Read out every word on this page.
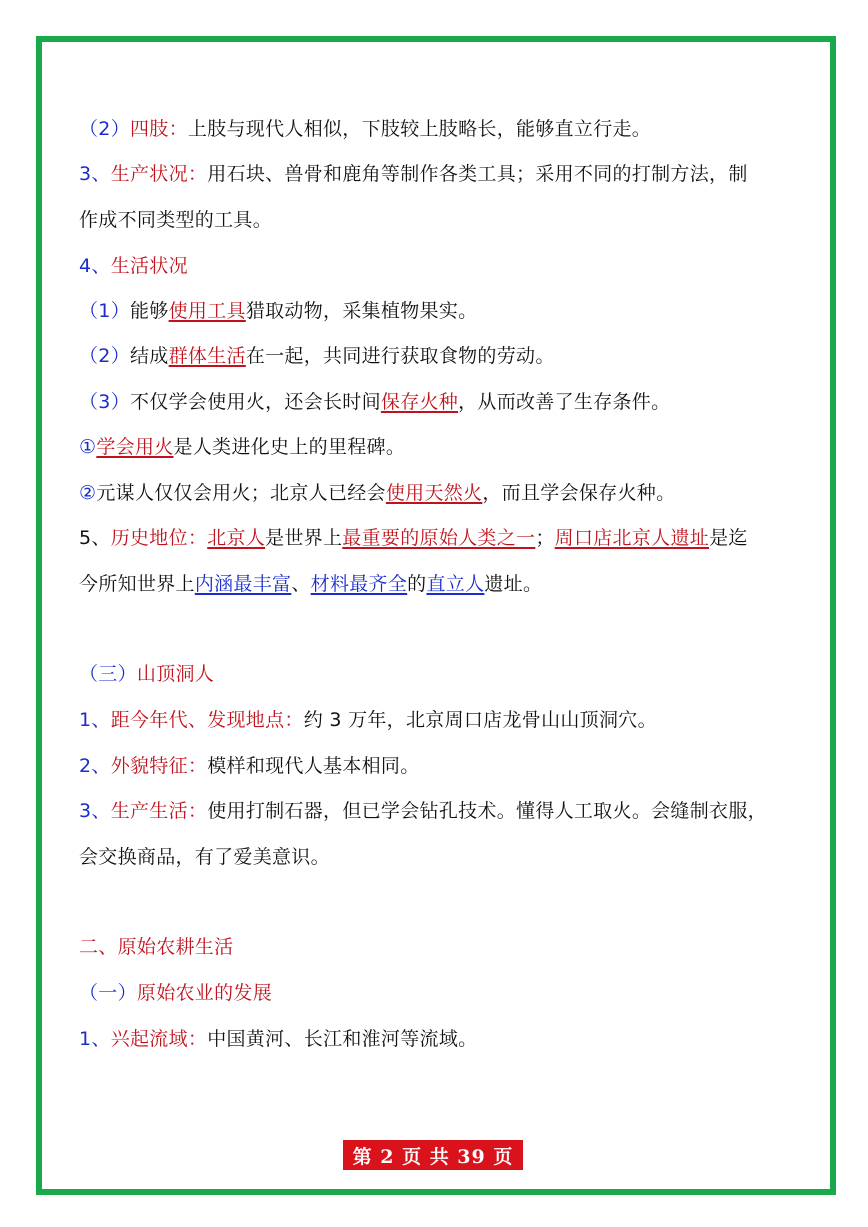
（2）四肢：上肢与现代人相似，下肢较上肢略长，能够直立行走。
3、生产状况：用石块、兽骨和鹿角等制作各类工具；采用不同的打制方法，制
作成不同类型的工具。
4、生活状况
（1）能够使用工具猎取动物，采集植物果实。
（2）结成群体生活在一起，共同进行获取食物的劳动。
（3）不仅学会使用火，还会长时间保存火种，从而改善了生存条件。
①学会用火是人类进化史上的里程碑。
②元谋人仅仅会用火；北京人已经会使用天然火，而且学会保存火种。
5、历史地位：北京人是世界上最重要的原始人类之一；周口店北京人遗址是迄
今所知世界上内涵最丰富、材料最齐全的直立人遗址。
（三）山顶洞人
1、距今年代、发现地点：约 3 万年，北京周口店龙骨山山顶洞穴。
2、外貌特征：模样和现代人基本相同。
3、生产生活：使用打制石器，但已学会钻孔技术。懂得人工取火。会缝制衣服，
会交换商品，有了爱美意识。
二、原始农耕生活
（一）原始农业的发展
1、兴起流域：中国黄河、长江和淮河等流域。
第 2 页 共 39 页
